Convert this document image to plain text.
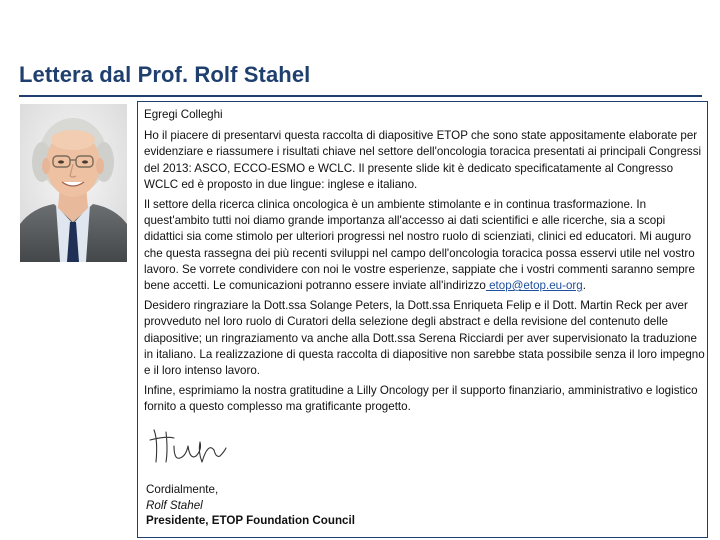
Lettera dal Prof. Rolf Stahel

Egregi Colleghi

Ho il piacere di presentarvi questa raccolta di diapositive ETOP che sono state appositamente elaborate per evidenziare e riassumere i risultati chiave nel settore dell'oncologia toracica presentati ai principali Congressi del 2013: ASCO, ECCO-ESMO e WCLC. Il presente slide kit è dedicato specificatamente al Congresso WCLC ed è proposto in due lingue: inglese e italiano.

Il settore della ricerca clinica oncologica è un ambiente stimolante e in continua trasformazione. In quest'ambito tutti noi diamo grande importanza all'accesso ai dati scientifici e alle ricerche, sia a scopi didattici sia come stimolo per ulteriori progressi nel nostro ruolo di scienziati, clinici ed educatori. Mi auguro che questa rassegna dei più recenti sviluppi nel campo dell'oncologia toracica possa esservi utile nel vostro lavoro. Se vorrete condividere con noi le vostre esperienze, sappiate che i vostri commenti saranno sempre bene accetti. Le comunicazioni potranno essere inviate all'indirizzo etop@etop.eu-org.

Desidero ringraziare la Dott.ssa Solange Peters, la Dott.ssa Enriqueta Felip e il Dott. Martin Reck per aver provveduto nel loro ruolo di Curatori della selezione degli abstract e della revisione del contenuto delle diapositive; un ringraziamento va anche alla Dott.ssa Serena Ricciardi per aver supervisionato la traduzione in italiano. La realizzazione di questa raccolta di diapositive non sarebbe stata possibile senza il loro impegno e il loro intenso lavoro.

Infine, esprimiamo la nostra gratitudine a Lilly Oncology per il supporto finanziario, amministrativo e logistico fornito a questo complesso ma gratificante progetto.

Cordialmente,
Rolf Stahel
Presidente, ETOP Foundation Council
